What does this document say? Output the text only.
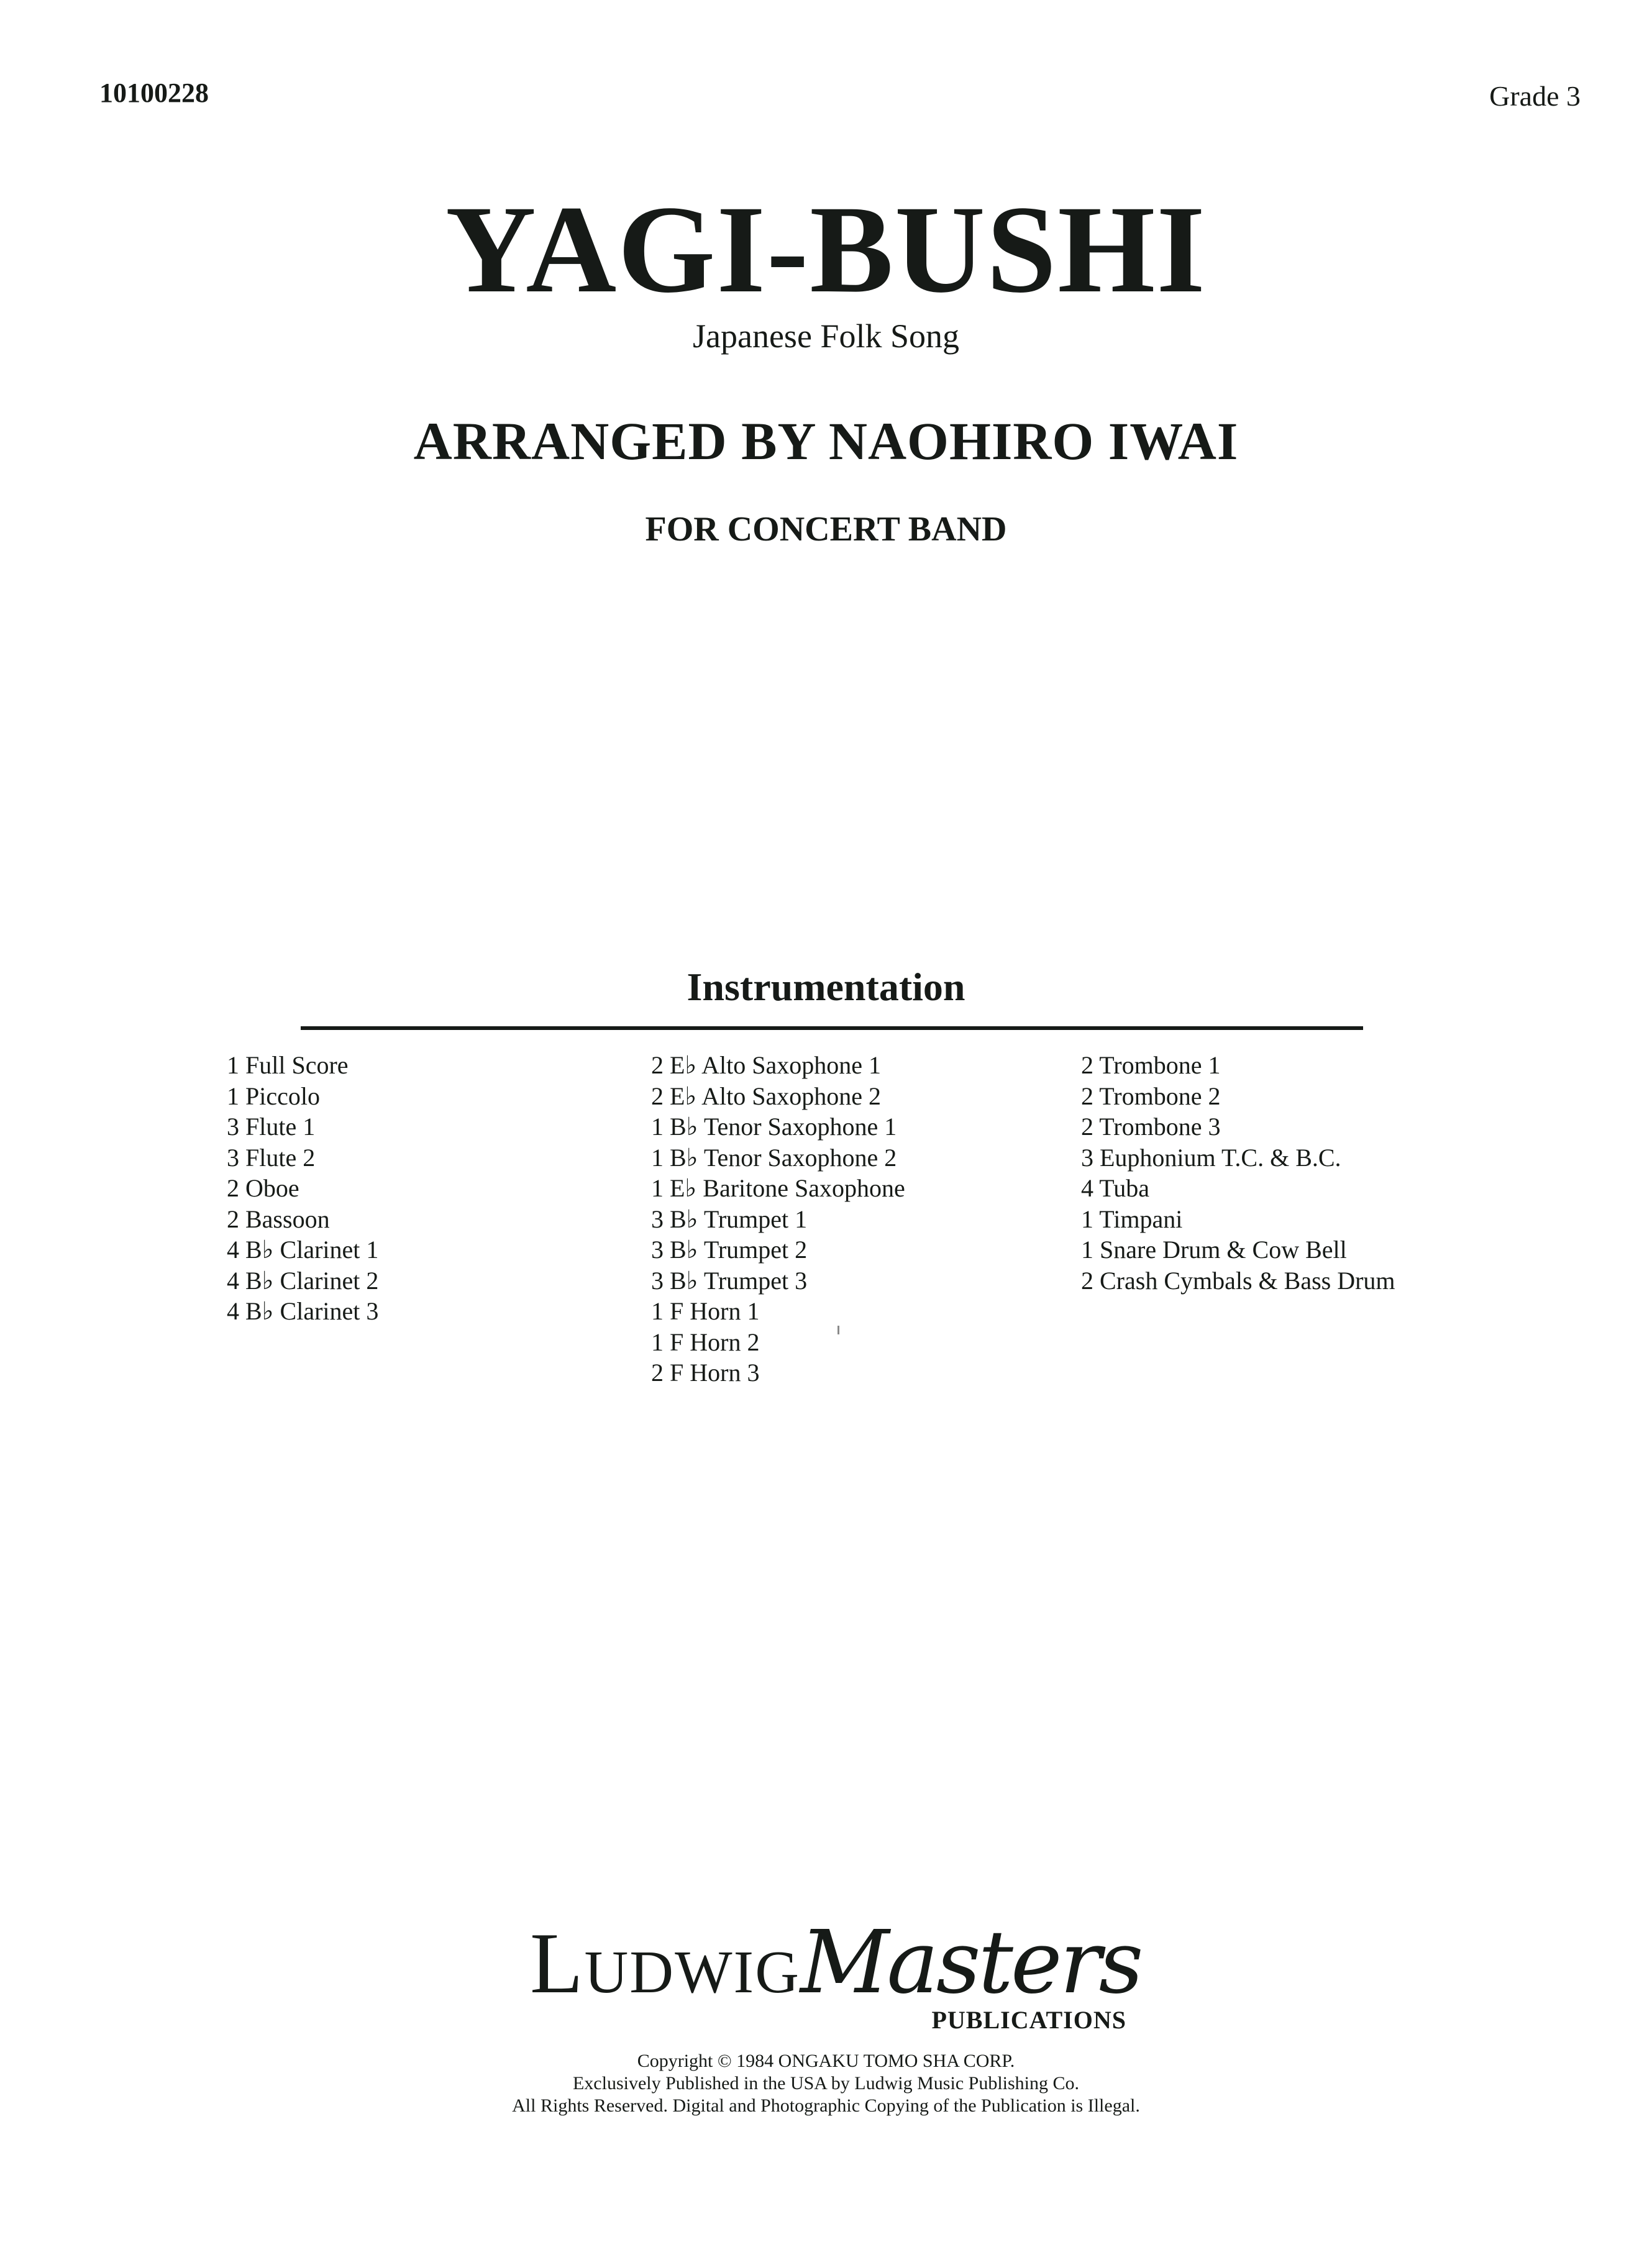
10100228	Grade 3
YAGI-BUSHI
Japanese Folk Song
ARRANGED BY NAOHIRO IWAI
FOR CONCERT BAND
Instrumentation
1 Full Score
1 Piccolo
3 Flute 1
3 Flute 2
2 Oboe
2 Bassoon
4 B♭ Clarinet 1
4 B♭ Clarinet 2
4 B♭ Clarinet 3
2 E♭ Alto Saxophone 1
2 E♭ Alto Saxophone 2
1 B♭ Tenor Saxophone 1
1 B♭ Tenor Saxophone 2
1 E♭ Baritone Saxophone
3 B♭ Trumpet 1
3 B♭ Trumpet 2
3 B♭ Trumpet 3
1 F Horn 1
1 F Horn 2
2 F Horn 3
2 Trombone 1
2 Trombone 2
2 Trombone 3
3 Euphonium T.C. & B.C.
4 Tuba
1 Timpani
1 Snare Drum & Cow Bell
2 Crash Cymbals & Bass Drum
LudwigMasters
PUBLICATIONS
Copyright © 1984 ONGAKU TOMO SHA CORP.
Exclusively Published in the USA by Ludwig Music Publishing Co.
All Rights Reserved. Digital and Photographic Copying of the Publication is Illegal.
